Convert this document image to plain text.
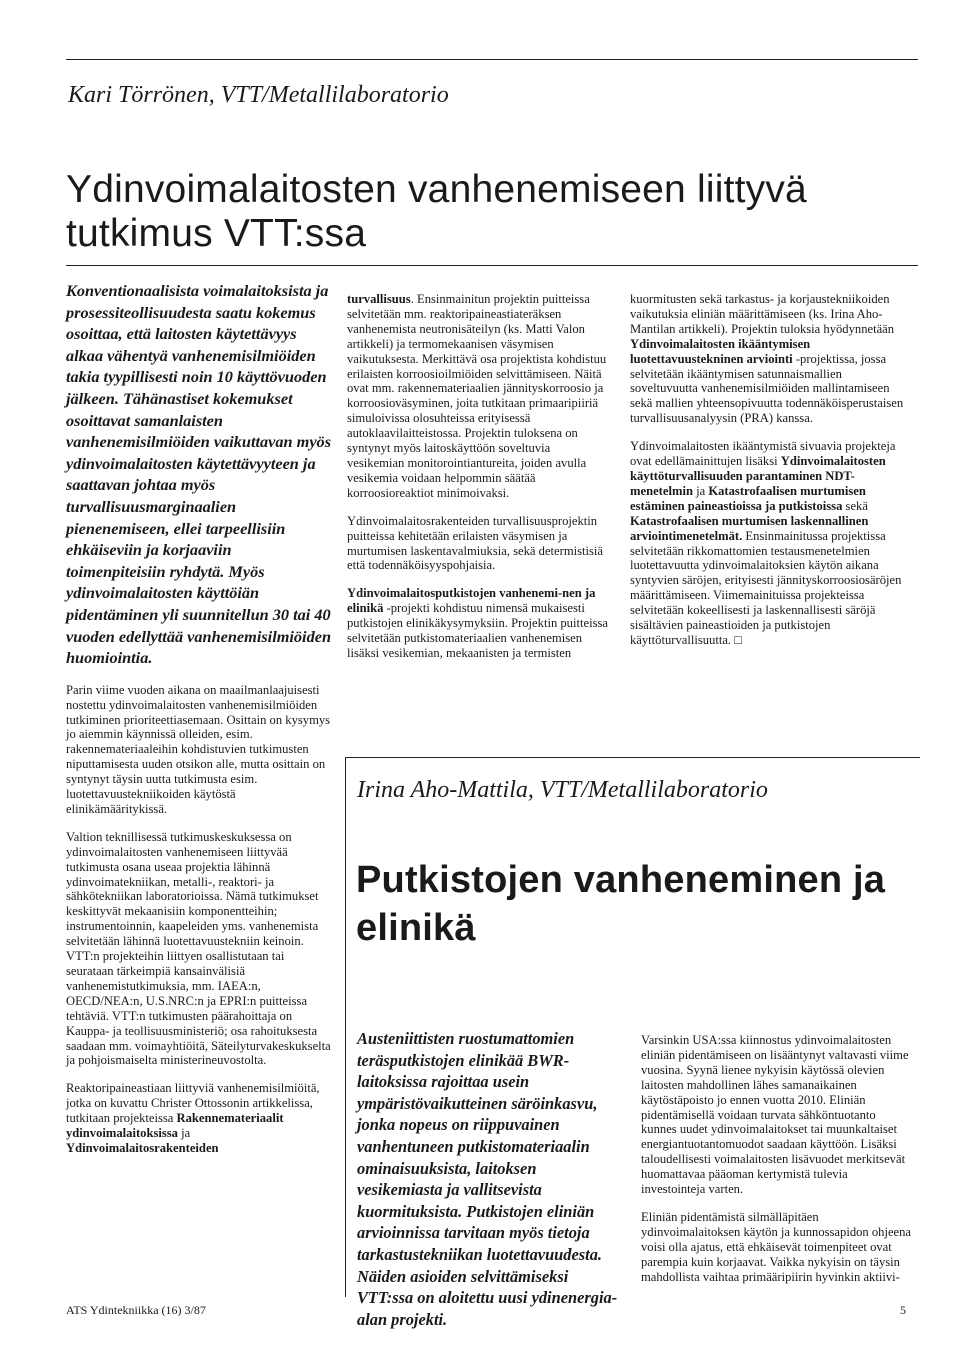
Kari Törrönen, VTT/Metallilaboratorio

Ydinvoimalaitosten vanhenemiseen liittyvä

tutkimus VTT:ssa

Konventionaalisista voimalaitoksista ja prosessiteollisuudesta saatu kokemus osoittaa, että laitosten käytettävyys alkaa vähentyä vanhenemisilmiöiden takia tyypillisesti noin 10 käyttövuoden jälkeen. Tähänastiset kokemukset osoittavat samanlaisten vanhenemisilmiöiden vaikuttavan myös ydinvoimalaitosten käytettävyyteen ja saattavan johtaa myös turvallisuusmarginaalien pienenemiseen, ellei tarpeellisiin ehkäiseviin ja korjaaviin toimenpiteisiin ryhdytä. Myös ydinvoimalaitosten käyttöiän pidentäminen yli suunnitellun 30 tai 40 vuoden edellyttää vanhenemisilmiöiden huomiointia.

Parin viime vuoden aikana on maailmanlaajuisesti nostettu ydinvoimalaitosten vanhenemisilmiöiden tutkiminen prioriteettiasemaan. Osittain on kysymys jo aiemmin käynnissä olleiden, esim. rakennemateriaaleihin kohdistuvien tutkimusten niputtamisesta uuden otsikon alle, mutta osittain on syntynyt täysin uutta tutkimusta esim. luotettavuustekniikoiden käytöstä elinikämääritykissä.

Valtion teknillisessä tutkimuskeskuksessa on ydinvoimalaitosten vanhenemiseen liittyvää tutkimusta osana useaa projektia lähinnä ydinvoimatekniikan, metalli-, reaktori- ja sähkötekniikan laboratorioissa. Nämä tutkimukset keskittyvät mekaanisiin komponentteihin; instrumentoinnin, kaapeleiden yms. vanhenemista selvitetään lähinnä luotettavuustekniin keinoin. VTT:n projekteihin liittyen osallistutaan tai seurataan tärkeimpiä kansainvälisiä vanhenemistutkimuksia, mm. IAEA:n, OECD/NEA:n, U.S.NRC:n ja EPRI:n puitteissa tehtäviä. VTT:n tutkimusten päärahoittaja on Kauppa- ja teollisuusministeriö; osa rahoituksesta saadaan mm. voimayhtiöitä, Säteilyturvakeskukselta ja pohjoismaiselta ministerineuvostolta.

Reaktoripaineastiaan liittyviä vanhenemisilmiöitä, jotka on kuvattu Christer Ottossonin artikkelissa, tutkitaan projekteissa Rakennemateriaalit ydinvoimalaitoksissa ja Ydinvoimalaitosrakenteiden

turvallisuus. Ensinmainitun projektin puitteissa selvitetään mm. reaktoripaineastiateräksen vanhenemista neutronisäteilyn (ks. Matti Valon artikkeli) ja termomekaanisen väsymisen vaikutuksesta. Merkittävä osa projektista kohdistuu erilaisten korroosioilmiöiden selvittämiseen. Näitä ovat mm. rakennemateriaalien jännityskorroosio ja korroosioväsyminen, joita tutkitaan primaaripiiriä simuloivissa olosuhteissa erityisessä autoklaavilaitteistossa. Projektin tuloksena on syntynyt myös laitoskäyttöön soveltuvia vesikemian monitorointiantureita, joiden avulla vesikemia voidaan helpommin säätää korroosioreaktiot minimoivaksi.

Ydinvoimalaitosrakenteiden turvallisuusprojektin puitteissa kehitetään erilaisten väsymisen ja murtumisen laskentavalmiuksia, sekä determistisiä että todennäköisyyspohjaisia.

Ydinvoimalaitosputkistojen vanhenemi-nen ja elinikä -projekti kohdistuu nimensä mukaisesti putkistojen elinikäkysymyksiin. Projektin puitteissa selvitetään putkistomateriaalien vanhenemisen lisäksi vesikemian, mekaanisten ja termisten

kuormitusten sekä tarkastus- ja korjaustekniikoiden vaikutuksia eliniän määrittämiseen (ks. Irina Aho-Mantilan artikkeli). Projektin tuloksia hyödynnetään Ydinvoimalaitosten ikääntymisen luotettavuustekninen arviointi -projektissa, jossa selvitetään ikääntymisen satunnaismallien soveltuvuutta vanhenemisilmiöiden mallintamiseen sekä mallien yhteensopivuutta todennäköisperustaisen turvallisuusanalyysin (PRA) kanssa.

Ydinvoimalaitosten ikääntymistä sivuavia projekteja ovat edellämainittujen lisäksi Ydinvoimalaitosten käyttöturvallisuuden parantaminen NDT-menetelmin ja Katastrofaalisen murtumisen estäminen paineastioissa ja putkistoissa sekä Katastrofaalisen murtumisen laskennallinen arviointimenetelmät. Ensinmainitussa projektissa selvitetään rikkomattomien testausmenetelmien luotettavuutta ydinvoimalaitoksien käytön aikana syntyvien säröjen, erityisesti jännityskorroosiosäröjen määrittämiseen. Viimemainituissa projekteissa selvitetään kokeellisesti ja laskennallisesti säröjä sisältävien paineastioiden ja putkistojen käyttöturvallisuutta. □

Irina Aho-Mattila, VTT/Metallilaboratorio

Putkistojen vanheneminen ja

elinikä

Austeniittisten ruostumattomien teräsputkistojen elinikää BWR-laitoksissa rajoittaa usein ympäristövaikutteinen säröinkasvu, jonka nopeus on riippuvainen vanhentuneen putkistomateriaalin ominaisuuksista, laitoksen vesikemiasta ja vallitsevista kuormituksista. Putkistojen eliniän arvioinnissa tarvitaan myös tietoja tarkastustekniikan luotettavuudesta. Näiden asioiden selvittämiseksi VTT:ssa on aloitettu uusi ydinenergia-alan projekti.

Varsinkin USA:ssa kiinnostus ydinvoimalaitosten eliniän pidentämiseen on lisääntynyt valtavasti viime vuosina. Syynä lienee nykyisin käytössä olevien laitosten mahdollinen lähes samanaikainen käytöstäpoisto jo ennen vuotta 2010. Eliniän pidentämisellä voidaan turvata sähköntuotanto kunnes uudet ydinvoimalaitokset tai muunkaltaiset energiantuotantomuodot saadaan käyttöön. Lisäksi taloudellisesti voimalaitosten lisävuodet merkitsevät huomattavaa pääoman kertymistä tulevia investointeja varten.

Eliniän pidentämistä silmälläpitäen ydinvoimalaitoksen käytön ja kunnossapidon ohjeena voisi olla ajatus, että ehkäisevät toimenpiteet ovat parempia kuin korjaavat. Vaikka nykyisin on täysin mahdollista vaihtaa primääripiirin hyvinkin aktiivi-

ATS Ydintekniikka (16) 3/87	5
